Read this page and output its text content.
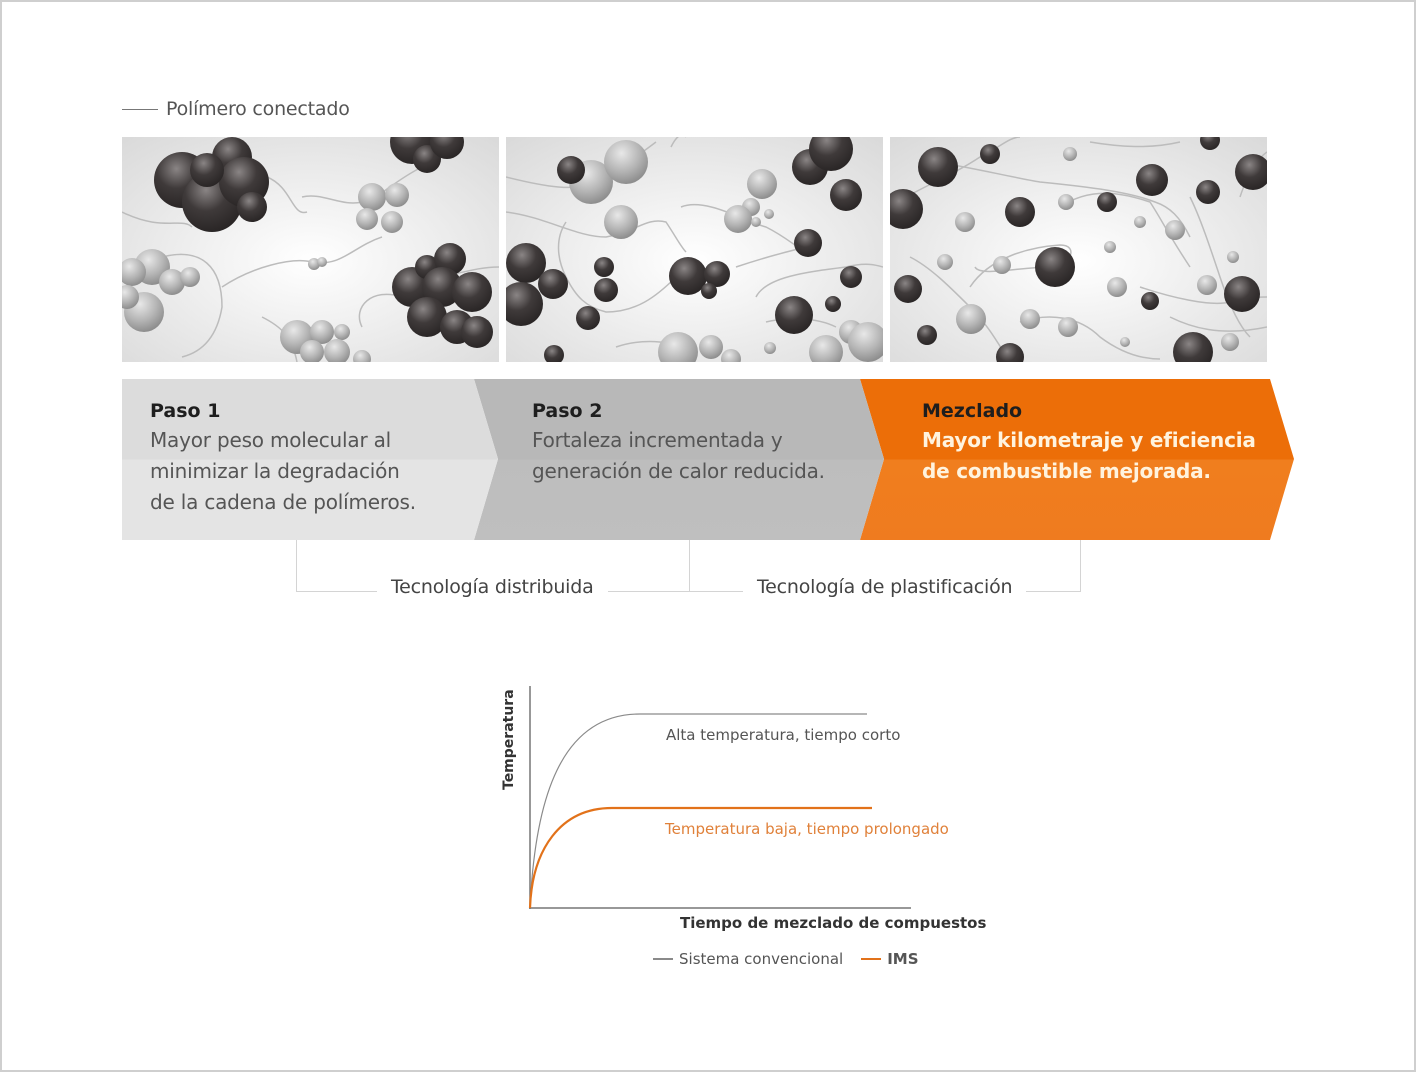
Polímero conectado
Paso 1
Mayor peso molecular al
minimizar la degradación
de la cadena de polímeros.
Paso 2
Fortaleza incrementada y
generación de calor reducida.
Mezclado
Mayor kilometraje y eficiencia
de combustible mejorada.
Tecnología distribuida	Tecnología de plastificación
Temperatura	Alta temperatura, tiempo corto
Temperatura baja, tiempo prolongado
Tiempo de mezclado de compuestos
Sistema convencional	IMS
